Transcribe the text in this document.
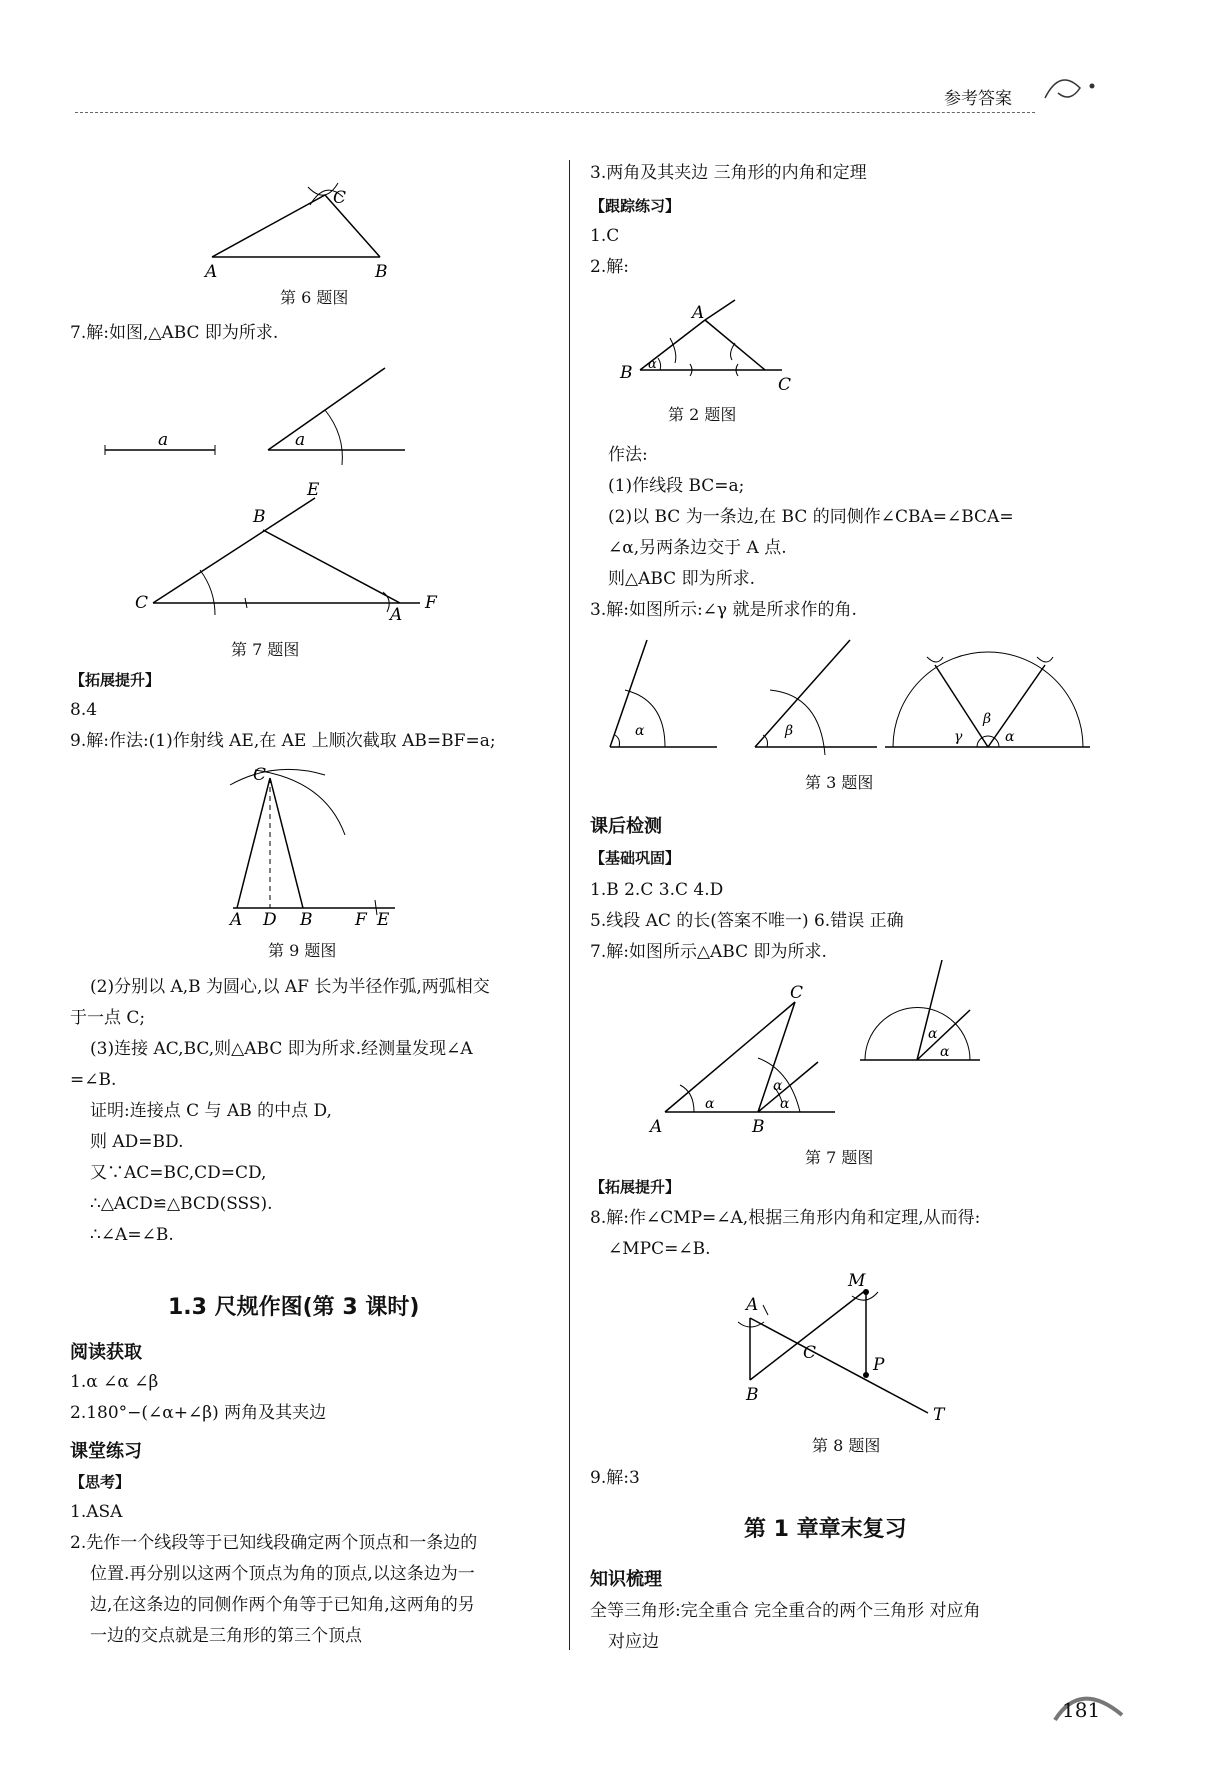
参考答案
A	B
C
第 6 题图
7.解:如图,△ABC 即为所求.
a	a
C
B
E
A
F
第 7 题图
【拓展提升】
8.4
9.解:作法:(1)作射线 AE,在 AE 上顺次截取 AB=BF=a;
A D B	F E
C
第 9 题图
(2)分别以 A,B 为圆心,以 AF 长为半径作弧,两弧相交
于一点 C;
(3)连接 AC,BC,则△ABC 即为所求.经测量发现∠A
=∠B.
证明:连接点 C 与 AB 的中点 D,
则 AD=BD.
又∵AC=BC,CD=CD,
∴△ACD≌△BCD(SSS).
∴∠A=∠B.
1.3 尺规作图(第 3 课时)
阅读获取
1.α ∠α ∠β
2.180°−(∠α+∠β) 两角及其夹边
课堂练习
【思考】
1.ASA
2.先作一个线段等于已知线段确定两个顶点和一条边的
位置.再分别以这两个顶点为角的顶点,以这条边为一
边,在这条边的同侧作两个角等于已知角,这两角的另
一边的交点就是三角形的第三个顶点
3.两角及其夹边 三角形的内角和定理
【跟踪练习】
1.C
2.解:
B
C
A
α
第 2 题图
作法:
(1)作线段 BC=a;
(2)以 BC 为一条边,在 BC 的同侧作∠CBA=∠BCA=
∠α,另两条边交于 A 点.
则△ABC 即为所求.
3.解:如图所示:∠γ 就是所求作的角.
α	β	γ
β
α
第 3 题图
课后检测
【基础巩固】
1.B 2.C 3.C 4.D
5.线段 AC 的长(答案不唯一) 6.错误 正确
7.解:如图所示△ABC 即为所求.
α
α
α
A	B
C
α
α
第 7 题图
【拓展提升】
8.解:作∠CMP=∠A,根据三角形内角和定理,从而得:
∠MPC=∠B.
A
B
C
M
P
T
第 8 题图
9.解:3
第 1 章章末复习
知识梳理
全等三角形:完全重合 完全重合的两个三角形 对应角
对应边
181
